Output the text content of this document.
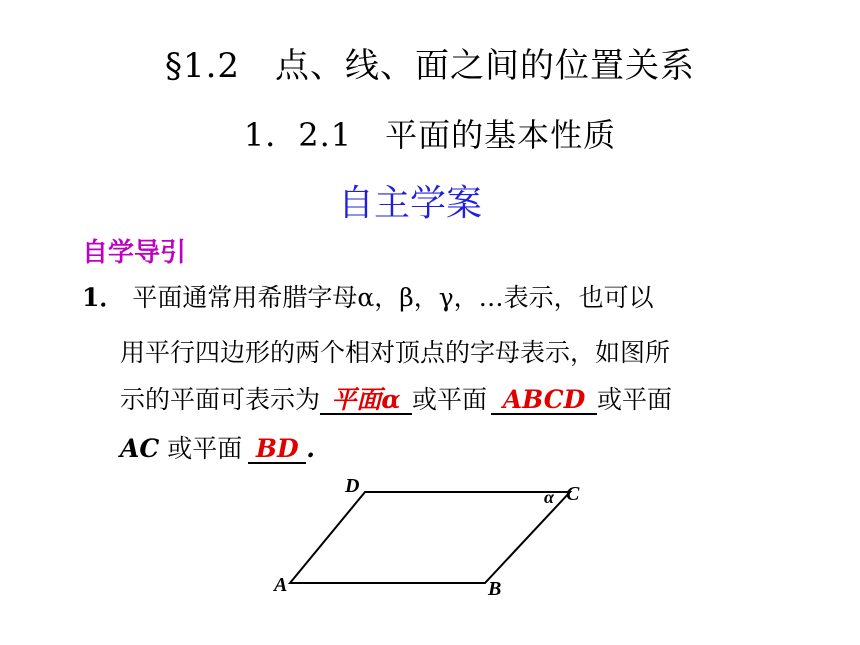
§1.2　点、线、面之间的位置关系
1．2.1　平面的基本性质
自主学案
自学导引
1． 平面通常用希腊字母α，β，γ，…表示，也可以
用平行四边形的两个相对顶点的字母表示，如图所
示的平面可表示为 平面α 或平面 ABCD 或平面
AC 或平面 BD .
D	C
α
A	B
